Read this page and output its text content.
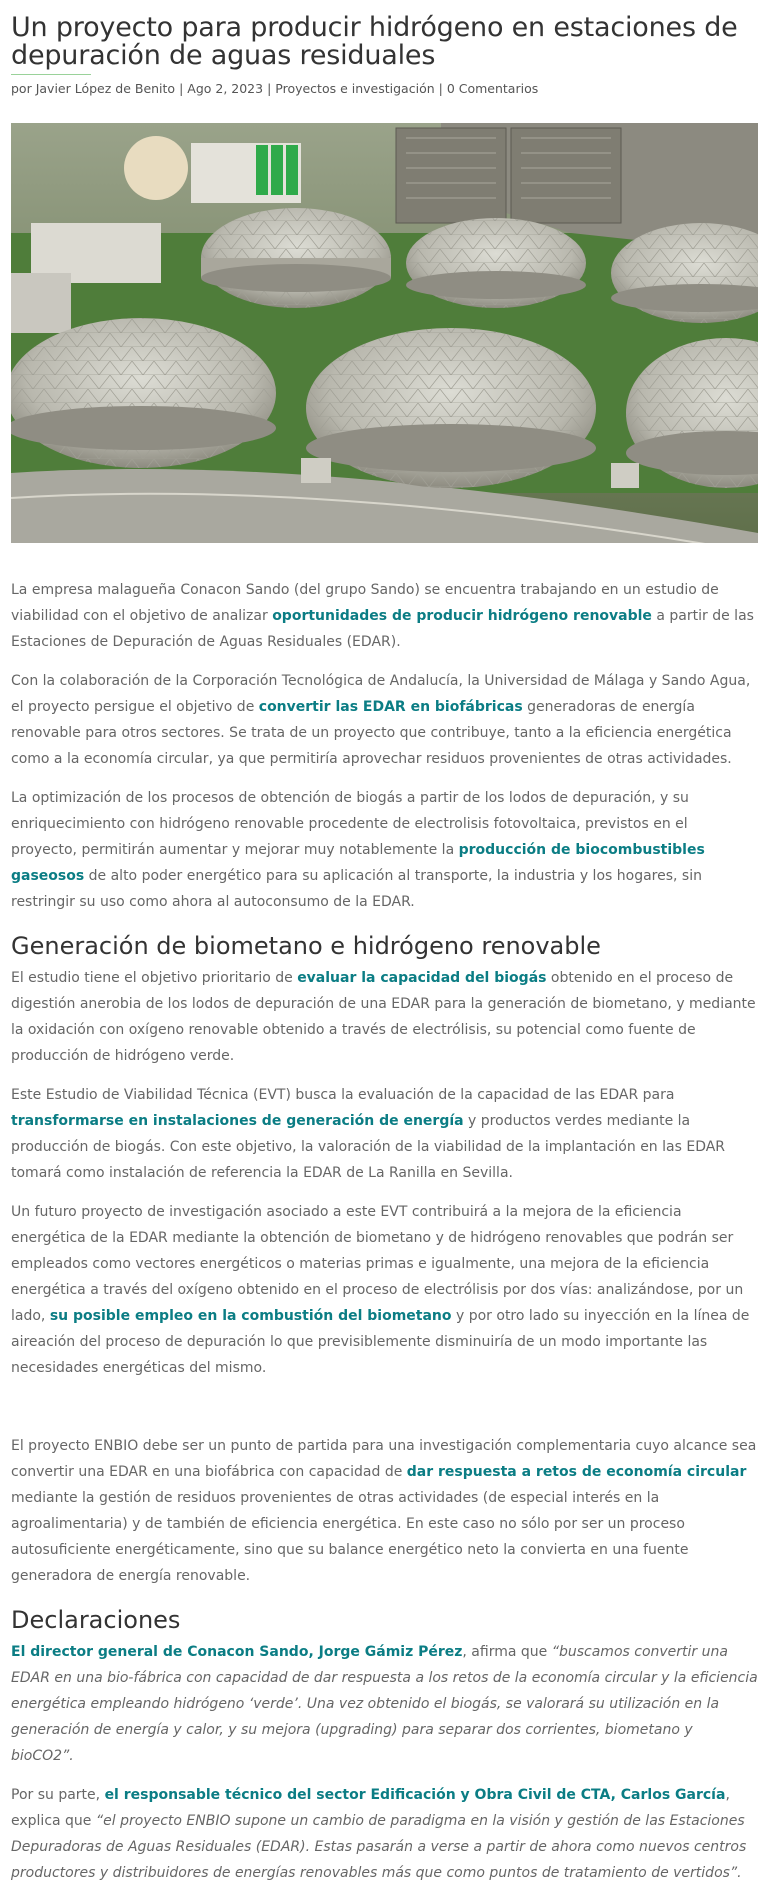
Un proyecto para producir hidrógeno en estaciones de depuración de aguas residuales
por Javier López de Benito | Ago 2, 2023 | Proyectos e investigación | 0 Comentarios

La empresa malagueña Conacon Sando (del grupo Sando) se encuentra trabajando en un estudio de viabilidad con el objetivo de analizar oportunidades de producir hidrógeno renovable a partir de las Estaciones de Depuración de Aguas Residuales (EDAR).

Con la colaboración de la Corporación Tecnológica de Andalucía, la Universidad de Málaga y Sando Agua, el proyecto persigue el objetivo de convertir las EDAR en biofábricas generadoras de energía renovable para otros sectores. Se trata de un proyecto que contribuye, tanto a la eficiencia energética como a la economía circular, ya que permitiría aprovechar residuos provenientes de otras actividades.

La optimización de los procesos de obtención de biogás a partir de los lodos de depuración, y su enriquecimiento con hidrógeno renovable procedente de electrolisis fotovoltaica, previstos en el proyecto, permitirán aumentar y mejorar muy notablemente la producción de biocombustibles gaseosos de alto poder energético para su aplicación al transporte, la industria y los hogares, sin restringir su uso como ahora al autoconsumo de la EDAR.

Generación de biometano e hidrógeno renovable

El estudio tiene el objetivo prioritario de evaluar la capacidad del biogás obtenido en el proceso de digestión anerobia de los lodos de depuración de una EDAR para la generación de biometano, y mediante la oxidación con oxígeno renovable obtenido a través de electrólisis, su potencial como fuente de producción de hidrógeno verde.

Este Estudio de Viabilidad Técnica (EVT) busca la evaluación de la capacidad de las EDAR para transformarse en instalaciones de generación de energía y productos verdes mediante la producción de biogás. Con este objetivo, la valoración de la viabilidad de la implantación en las EDAR tomará como instalación de referencia la EDAR de La Ranilla en Sevilla.

Un futuro proyecto de investigación asociado a este EVT contribuirá a la mejora de la eficiencia energética de la EDAR mediante la obtención de biometano y de hidrógeno renovables que podrán ser empleados como vectores energéticos o materias primas e igualmente, una mejora de la eficiencia energética a través del oxígeno obtenido en el proceso de electrólisis por dos vías: analizándose, por un lado, su posible empleo en la combustión del biometano y por otro lado su inyección en la línea de aireación del proceso de depuración lo que previsiblemente disminuiría de un modo importante las necesidades energéticas del mismo.

El proyecto ENBIO debe ser un punto de partida para una investigación complementaria cuyo alcance sea convertir una EDAR en una biofábrica con capacidad de dar respuesta a retos de economía circular mediante la gestión de residuos provenientes de otras actividades (de especial interés en la agroalimentaria) y de también de eficiencia energética. En este caso no sólo por ser un proceso autosuficiente energéticamente, sino que su balance energético neto la convierta en una fuente generadora de energía renovable.

Declaraciones

El director general de Conacon Sando, Jorge Gámiz Pérez, afirma que “buscamos convertir una EDAR en una bio-fábrica con capacidad de dar respuesta a los retos de la economía circular y la eficiencia energética empleando hidrógeno ‘verde’. Una vez obtenido el biogás, se valorará su utilización en la generación de energía y calor, y su mejora (upgrading) para separar dos corrientes, biometano y bioCO2”.

Por su parte, el responsable técnico del sector Edificación y Obra Civil de CTA, Carlos García, explica que “el proyecto ENBIO supone un cambio de paradigma en la visión y gestión de las Estaciones Depuradoras de Aguas Residuales (EDAR). Estas pasarán a verse a partir de ahora como nuevos centros productores y distribuidores de energías renovables más que como puntos de tratamiento de vertidos”.
